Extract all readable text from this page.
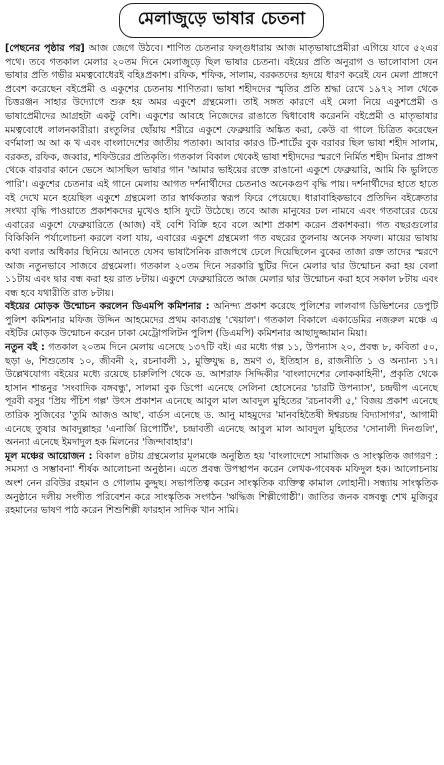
মেলাজুড়ে ভাষার চেতনা

[পেছনের পৃষ্ঠার পর] আজ জেগে উঠবে। শাণিত চেতনার ফল্গুধারায় আজ মাতৃভাষাপ্রেমীরা এগিয়ে যাবে ৫২এর পথে। তবে গতকাল মেলার ২০তম দিনে মেলাজুড়ে ছিল ভাষার চেতনা। বইয়ের প্রতি অনুরাগ ও ভালোবাসা যেন ভাষার প্রতি গভীর মমত্ববোধেরই বহিঃপ্রকাশ। রফিক, শফিক, সালাম, বরকতদের হৃদয়ে ধারণ করেই যেন মেলা প্রাঙ্গণে প্রবেশ করেছেন বইপ্রেমী ও একুশের চেতনায় শাণিতরা। ভাষা শহীদদের স্মৃতির প্রতি শ্রদ্ধা রেখে ১৯৭২ সাল থেকে চিত্তরঞ্জন সাহার উদ্যোগে শুরু হয় অমর একুশে গ্রন্থমেলা। তাই সঙ্গত কারণে এই মেলা নিয়ে একুশপ্রেমী ও ভাষাপ্রেমীদের আগ্রহটা একটু বেশি। একুশের আবহে নিজেদের রাঙাতে দ্বিধাবোধ করেননি বইপ্রেমী ও মাতৃভাষার মমত্ববোধে লালনকারীরা। রংতুলির ছোঁয়ায় শরীরে একুশে ফেব্রুয়ারি অঙ্কিত করা, কেউ বা গালে চিত্রিত করেছেন বর্ণমালা অ আ ক খ এবং বাংলাদেশের জাতীয় পতাকা। আবার কারও টি-শার্টের বুক বরাবর ছিল ভাষা শহীদ সালাম, বরকত, রফিক, জব্বার, শফিউরের প্রতিকৃতি। গতকাল বিকাল থেকেই ভাষা শহীদদের স্মরণে নির্মিত শহীদ মিনার প্রাঙ্গণ থেকে বারবার কানে ভেসে আসছিল ভাষার গান 'আমার ভাইয়ের রক্তে রাঙানো একুশে ফেব্রুয়ারি, আমি কি ভুলিতে পারি'। একুশের চেতনার এই গানে মেলায় আগত দর্শনার্থীদের চেতনাও অনেকগুণ বৃদ্ধি পায়। দর্শনার্থীদের হাতে হাতে বই দেখে মনে হয়েছিল একুশে গ্রন্থমেলা তার স্বার্থকতার স্বরূপ ফিরে পেয়েছে। ধারাবাহিকভাবে প্রতিদিন বইক্রেতার সংখ্যা বৃদ্ধি পাওয়াতে প্রকাশকদের মুখেও হাসি ফুটে উঠেছে। তবে আজ মানুষের ঢল নামবে এবং গতবারের চেয়ে এবারের একুশে ফেব্রুয়ারিতে (আজ) বই বেশি বিক্রি হবে বলে আশা প্রকাশ করেন প্রকাশকরা। গত বছরগুলোর বিকিকিনি পর্যালোচনা করলে বলা যায়, এবারের একুশে গ্রন্থমেলা গত বছরের তুলনায় অনেক সফল। মায়ের ভাষায় কথা বলার অধিকার ছিনিয়ে আনতে যেসব ভাষাসৈনিক রাজপথে ঢেলে দিয়েছিলেন বুকের তাজা রক্ত তাদের স্মরণে আজ নতুনভাবে সাজবে গ্রন্থমেলা। গতকাল ২০তম দিনে সরকারি ছুটির দিনে মেলার দ্বার উন্মোচন করা হয় বেলা ১১টায় এবং দ্বার বন্ধ করা হয় রাত ৮টায়। একুশে ফেব্রুয়ারিতে আজ মেলার দ্বার উন্মোচন করা হবে সকাল ৮টায় এবং বন্ধ হবে যথারীতি রাত ৮টায়।

বইয়ের মোড়ক উন্মোচন করলেন ডিএমপি কমিশনার : অনিন্দ্য প্রকাশ করেছে পুলিশের লালবাগ ডিভিশনের ডেপুটি পুলিশ কমিশনার মফিজ উদ্দিন আহমেদের প্রথম কাব্যগ্রন্থ 'খেয়াল'। গতকাল বিকালে একাডেমির নজরুল মঞ্চে এ বইটির মোড়ক উন্মোচন করেন ঢাকা মেট্রোপলিটন পুলিশ (ডিএমপি) কমিশনার আছাদুজ্জামান মিয়া।

নতুন বই : গতকাল ২০তম দিনে মেলায় এসেছে ১৩৭টি বই। এর মধ্যে গল্প ১১, উপন্যাস ২০, প্রবন্ধ ৮, কবিতা ৫০, ছড়া ৬, শিশুতোষ ১০, জীবনী ২, রচনাবলী ১, মুক্তিযুদ্ধ ৪, ভ্রমণ ৩, ইতিহাস ৪, রাজনীতি ১ ও অন্যান্য ১৭। উল্লেখযোগ্য বইয়ের মধ্যে রয়েছে চারুলিপি থেকে ড. আশরাফ সিদ্দিকীর 'বাংলাদেশের লোককাহিনী', প্রকৃতি থেকে হাসান শান্তনুর 'সংবাদিক বঙ্গবন্ধু', সালমা বুক ডিপো এনেছে সেলিনা হোসেনের 'চারটি উপন্যাস', চন্দ্রদ্বীপ এনেছে পূরবী বসুর 'প্রিয় পঁচিশ গল্প' উৎস প্রকাশন এনেছে আবুল মাল আবদুল মুহিতের 'রচনাবলী ৫,' বিজয় প্রকাশ এনেছে তারিক সুজিবের 'তুমি আজও আছ', বার্ডস এনেছে ড. আনু মাহমুদের 'মানবহিতৈষী ঈশ্বরচন্দ্র বিদ্যাসাগর', আগামী এনেছে তুষার আবদুল্লাহর 'এনার্জি রিপোর্টিং', চন্দ্রাবতী এনেছে আবুল মাল আবদুল মুহিতের 'সোনালী দিনগুলি', অনন্যা এনেছে ইমদাদুল হক মিলনের 'জিন্দাবাহার'।

মূল মঞ্চের আয়োজন : বিকাল ৪টায় গ্রন্থমেলার মূলমঞ্চে অনুষ্ঠিত হয় 'বাংলাদেশে সামাজিক ও সাংস্কৃতিক জাগরণ : সমস্যা ও সম্ভাবনা' শীর্ষক আলোচনা অনুষ্ঠান। এতে প্রবন্ধ উপস্থাপন করেন লেখক-গবেষক মফিদুল হক। আলোচনায় অংশ নেন রবিউর রহমান ও গোলাম কুদ্দুছ। সভাপতিত্ব করেন সাংস্কৃতিক ব্যক্তিত্ব কামাল লোহানী। সন্ধ্যায় সাংস্কৃতিক অনুষ্ঠানে দলীয় সংগীত পরিবেশন করে সাংস্কৃতিক সংগঠন 'ঋদ্ধিজ শিল্পীগোষ্ঠী'। জাতির জনক বঙ্গবন্ধু শেখ মুজিবুর রহমানের ভাষণ পাঠ করেন শিশুশিল্পী ফারহান সাদিক খান সামি।
